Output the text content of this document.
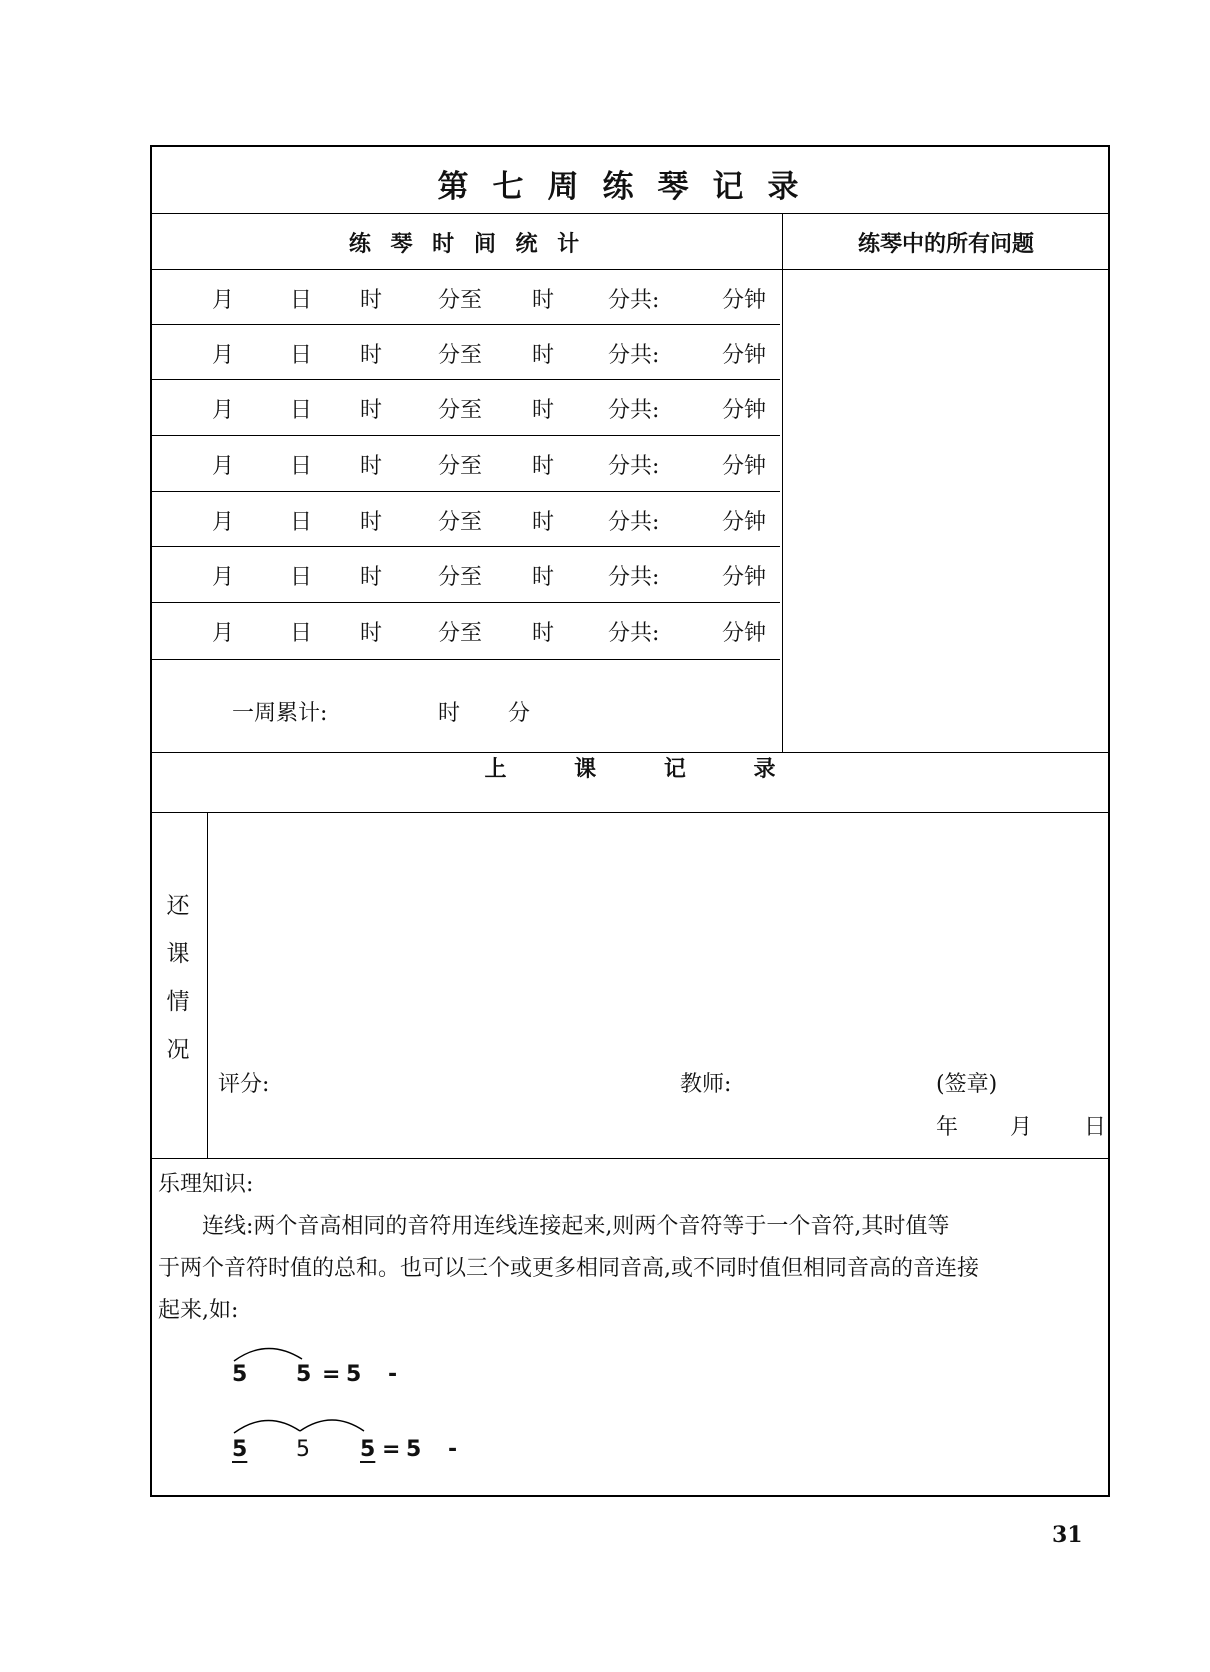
第七周练琴记录
练 琴 时 间 统 计	练琴中的所有问题
月	日 时	分至 时 分共:	分钟
月	日 时	分至 时 分共:	分钟
月	日 时	分至 时 分共:	分钟
月	日 时	分至 时 分共:	分钟
月	日 时	分至 时 分共:	分钟
月	日 时	分至 时 分共:	分钟
月	日 时	分至 时 分共:	分钟
一周累计:	时 分
上	课	记	录
还
课
情
况
评分:	教师:	(签章)
年 月 日
乐理知识:
连线:两个音高相同的音符用连线连接起来,则两个音符等于一个音符,其时值等
于两个音符时值的总和。也可以三个或更多相同音高,或不同时值但相同音高的音连接
起来,如:
5 5 = 5 -
5 5 5 = 5 -
31
